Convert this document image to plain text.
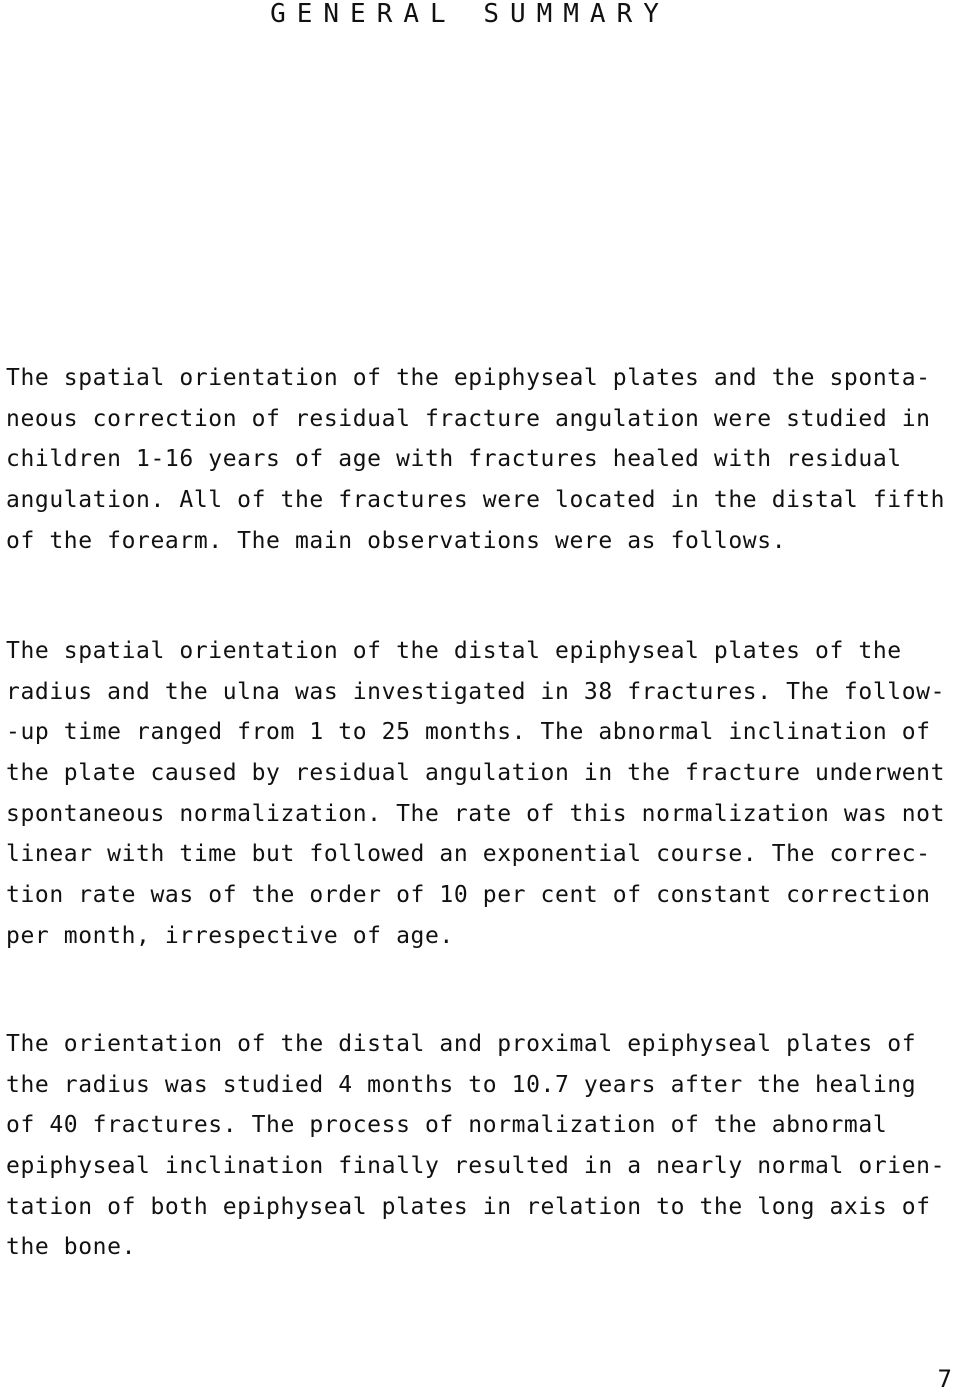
GENERAL SUMMARY
The spatial orientation of the epiphyseal plates and the sponta-
neous correction of residual fracture angulation were studied in
children 1-16 years of age with fractures healed with residual
angulation. All of the fractures were located in the distal fifth
of the forearm. The main observations were as follows.
The spatial orientation of the distal epiphyseal plates of the
radius and the ulna was investigated in 38 fractures. The follow-
-up time ranged from 1 to 25 months. The abnormal inclination of
the plate caused by residual angulation in the fracture underwent
spontaneous normalization. The rate of this normalization was not
linear with time but followed an exponential course. The correc-
tion rate was of the order of 10 per cent of constant correction
per month, irrespective of age.
The orientation of the distal and proximal epiphyseal plates of
the radius was studied 4 months to 10.7 years after the healing
of 40 fractures. The process of normalization of the abnormal
epiphyseal inclination finally resulted in a nearly normal orien-
tation of both epiphyseal plates in relation to the long axis of
the bone.
7
